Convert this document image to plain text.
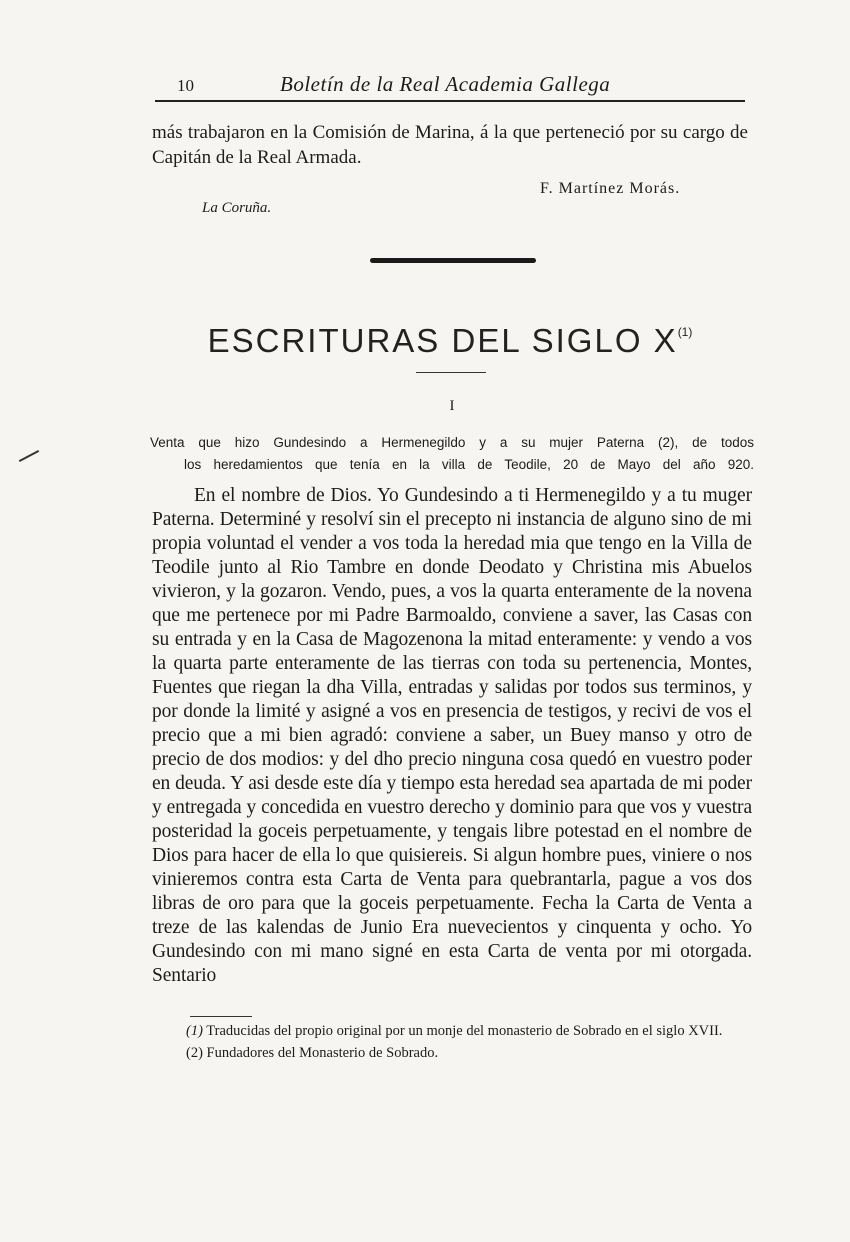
10	Boletín de la Real Academia Gallega
más trabajaron en la Comisión de Marina, á la que perteneció por su cargo de Capitán de la Real Armada.
F. Martínez Morás.
La Coruña.
ESCRITURAS DEL SIGLO $X^{(1)}$
I
Venta que hizo Gundesindo a Hermenegildo y a su mujer Paterna (2), de todos
los heredamientos que tenía en la villa de Teodile, 20 de Mayo del año 920.
En el nombre de Dios. Yo Gundesindo a ti Hermenegildo y a tu muger Paterna. Determiné y resolví sin el precepto ni instancia de alguno sino de mi propia voluntad el vender a vos toda la heredad mia que tengo en la Villa de Teodile junto al Rio Tambre en donde Deodato y Christina mis Abuelos vivieron, y la gozaron. Vendo, pues, a vos la quarta enteramente de la novena que me pertenece por mi Padre Barmoaldo, conviene a saver, las Casas con su entrada y en la Casa de Magozenona la mitad enteramente: y vendo a vos la quarta parte enteramente de las tierras con toda su pertenencia, Montes, Fuentes que riegan la dha Villa, entradas y salidas por todos sus terminos, y por donde la limité y asigné a vos en presencia de testigos, y recivi de vos el precio que a mi bien agradó: conviene a saber, un Buey manso y otro de precio de dos modios: y del dho precio ninguna cosa quedó en vuestro poder en deuda. Y asi desde este día y tiempo esta heredad sea apartada de mi poder y entregada y concedida en vuestro derecho y dominio para que vos y vuestra posteridad la goceis perpetuamente, y tengais libre potestad en el nombre de Dios para hacer de ella lo que quisiereis. Si algun hombre pues, viniere o nos vinieremos contra esta Carta de Venta para quebrantarla, pague a vos dos libras de oro para que la goceis perpetuamente. Fecha la Carta de Venta a treze de las kalendas de Junio Era nuevecientos y cinquenta y ocho. Yo Gundesindo con mi mano signé en esta Carta de venta por mi otorgada. Sentario
(1) Traducidas del propio original por un monje del monasterio de Sobrado en el siglo XVII.
(2) Fundadores del Monasterio de Sobrado.
